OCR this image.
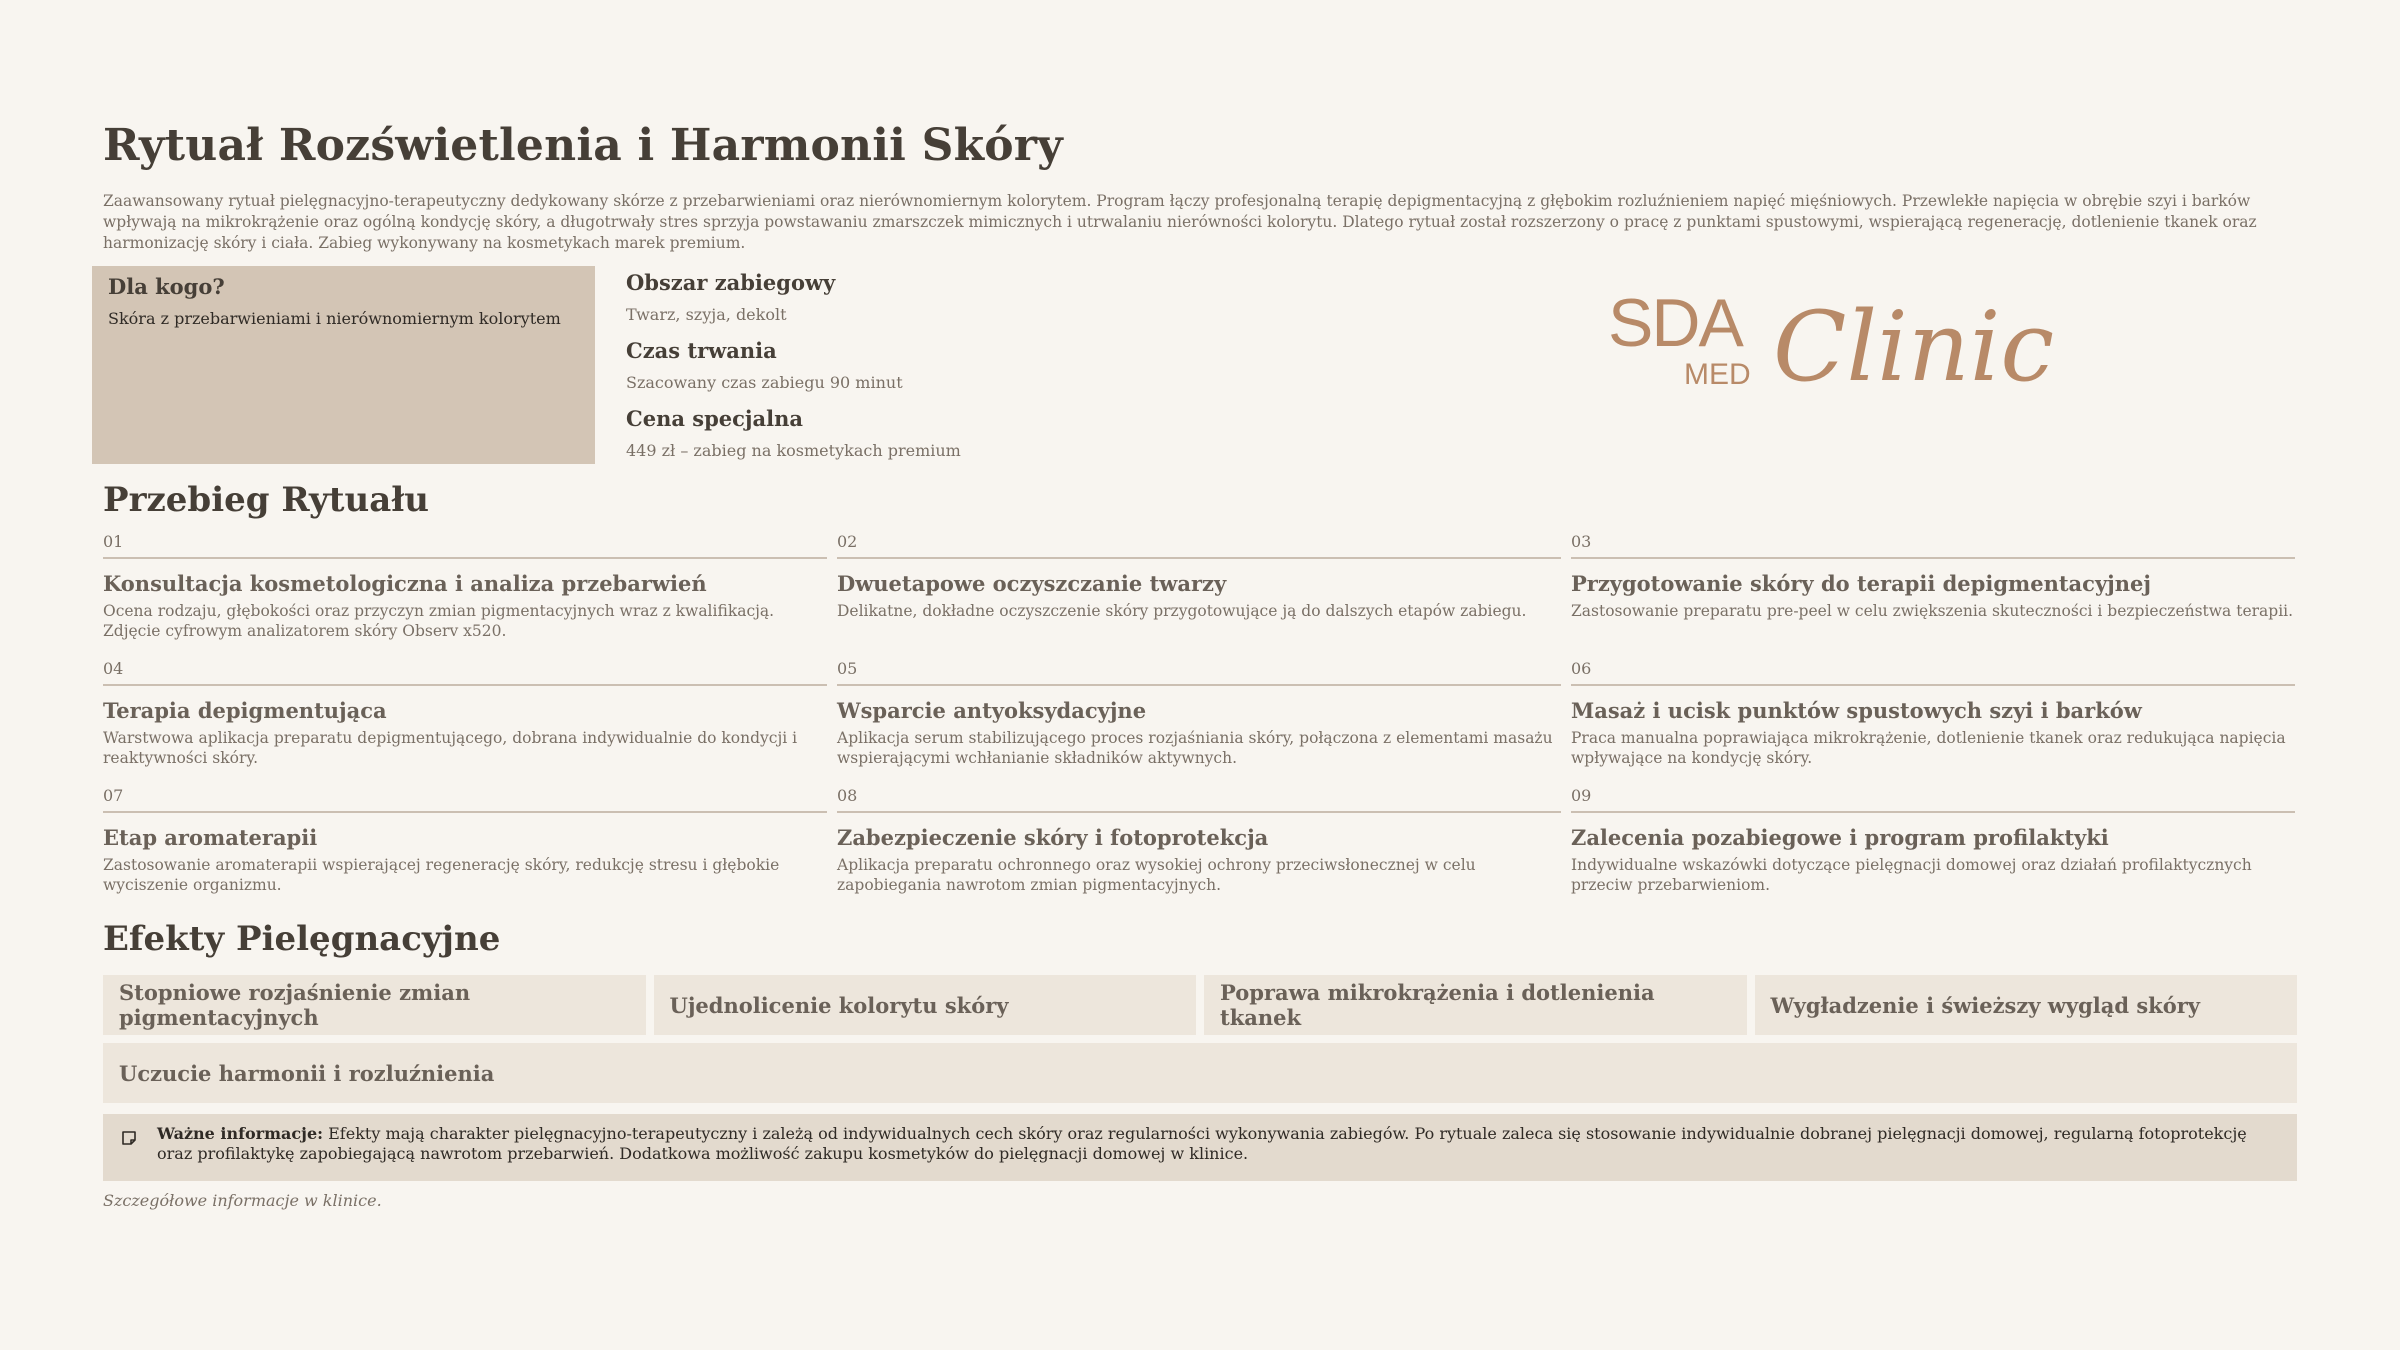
Rytuał Rozświetlenia i Harmonii Skóry

Zaawansowany rytuał pielęgnacyjno-terapeutyczny dedykowany skórze z przebarwieniami oraz nierównomiernym kolorytem. Program łączy profesjonalną terapię depigmentacyjną z głębokim rozluźnieniem napięć mięśniowych. Przewlekłe napięcia w obrębie szyi i barków wpływają na mikrokrążenie oraz ogólną kondycję skóry, a długotrwały stres sprzyja powstawaniu zmarszczek mimicznych i utrwalaniu nierówności kolorytu. Dlatego rytuał został rozszerzony o pracę z punktami spustowymi, wspierającą regenerację, dotlenienie tkanek oraz harmonizację skóry i ciała. Zabieg wykonywany na kosmetykach marek premium.

Dla kogo?
Skóra z przebarwieniami i nierównomiernym kolorytem
Obszar zabiegowy
Twarz, szyja, dekolt
Czas trwania
Szacowany czas zabiegu 90 minut
Cena specjalna
449 zł – zabieg na kosmetykach premium
SDA
MED Clinic
Przebieg Rytuału
01
Konsultacja kosmetologiczna i analiza przebarwień
Ocena rodzaju, głębokości oraz przyczyn zmian pigmentacyjnych wraz z kwalifikacją. Zdjęcie cyfrowym analizatorem skóry Observ x520.
02
Dwuetapowe oczyszczanie twarzy
Delikatne, dokładne oczyszczenie skóry przygotowujące ją do dalszych etapów zabiegu.
03
Przygotowanie skóry do terapii depigmentacyjnej
Zastosowanie preparatu pre-peel w celu zwiększenia skuteczności i bezpieczeństwa terapii.
04
Terapia depigmentująca
Warstwowa aplikacja preparatu depigmentującego, dobrana indywidualnie do kondycji i reaktywności skóry.
05
Wsparcie antyoksydacyjne
Aplikacja serum stabilizującego proces rozjaśniania skóry, połączona z elementami masażu wspierającymi wchłanianie składników aktywnych.
06
Masaż i ucisk punktów spustowych szyi i barków
Praca manualna poprawiająca mikrokrążenie, dotlenienie tkanek oraz redukująca napięcia wpływające na kondycję skóry.
07
Etap aromaterapii
Zastosowanie aromaterapii wspierającej regenerację skóry, redukcję stresu i głębokie wyciszenie organizmu.
08
Zabezpieczenie skóry i fotoprotekcja
Aplikacja preparatu ochronnego oraz wysokiej ochrony przeciwsłonecznej w celu zapobiegania nawrotom zmian pigmentacyjnych.
09
Zalecenia pozabiegowe i program profilaktyki
Indywidualne wskazówki dotyczące pielęgnacji domowej oraz działań profilaktycznych przeciw przebarwieniom.
Efekty Pielęgnacyjne
Stopniowe rozjaśnienie zmian pigmentacyjnych	Ujednolicenie kolorytu skóry	Poprawa mikrokrążenia i dotlenienia tkanek	Wygładzenie i świeższy wygląd skóry
Uczucie harmonii i rozluźnienia
Ważne informacje: Efekty mają charakter pielęgnacyjno-terapeutyczny i zależą od indywidualnych cech skóry oraz regularności wykonywania zabiegów. Po rytuale zaleca się stosowanie indywidualnie dobranej pielęgnacji domowej, regularną fotoprotekcję oraz profilaktykę zapobiegającą nawrotom przebarwień. Dodatkowa możliwość zakupu kosmetyków do pielęgnacji domowej w klinice.
Szczegółowe informacje w klinice.
